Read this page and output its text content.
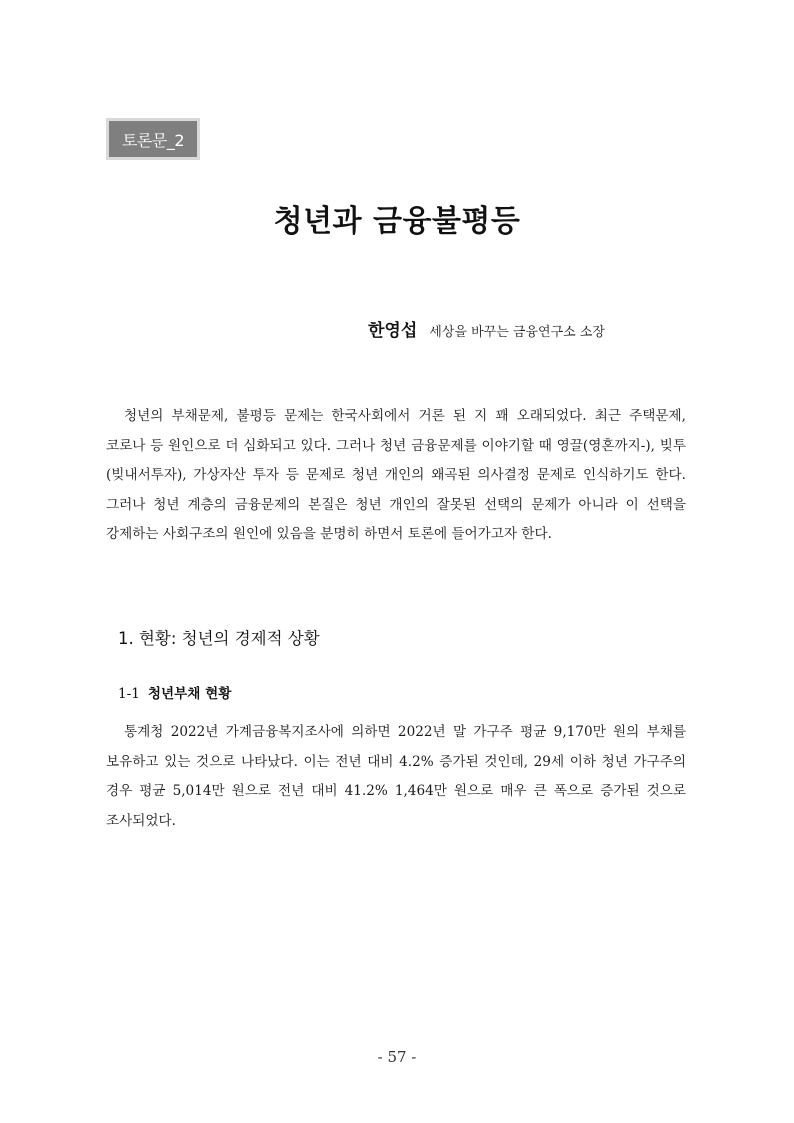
토론문_2
청년과 금융불평등
한영섭 세상을 바꾸는 금융연구소 소장

청년의 부채문제, 불평등 문제는 한국사회에서 거론 된 지 꽤 오래되었다. 최근 주택문제, 코로나 등 원인으로 더 심화되고 있다. 그러나 청년 금융문제를 이야기할 때 영끌(영혼까지-), 빚투(빚내서투자), 가상자산 투자 등 문제로 청년 개인의 왜곡된 의사결정 문제로 인식하기도 한다. 그러나 청년 계층의 금융문제의 본질은 청년 개인의 잘못된 선택의 문제가 아니라 이 선택을 강제하는 사회구조의 원인에 있음을 분명히 하면서 토론에 들어가고자 한다.

1. 현황: 청년의 경제적 상황
1-1 청년부채 현황

통계청 2022년 가계금융복지조사에 의하면 2022년 말 가구주 평균 9,170만 원의 부채를 보유하고 있는 것으로 나타났다. 이는 전년 대비 4.2% 증가된 것인데, 29세 이하 청년 가구주의 경우 평균 5,014만 원으로 전년 대비 41.2% 1,464만 원으로 매우 큰 폭으로 증가된 것으로 조사되었다.

- 57 -
